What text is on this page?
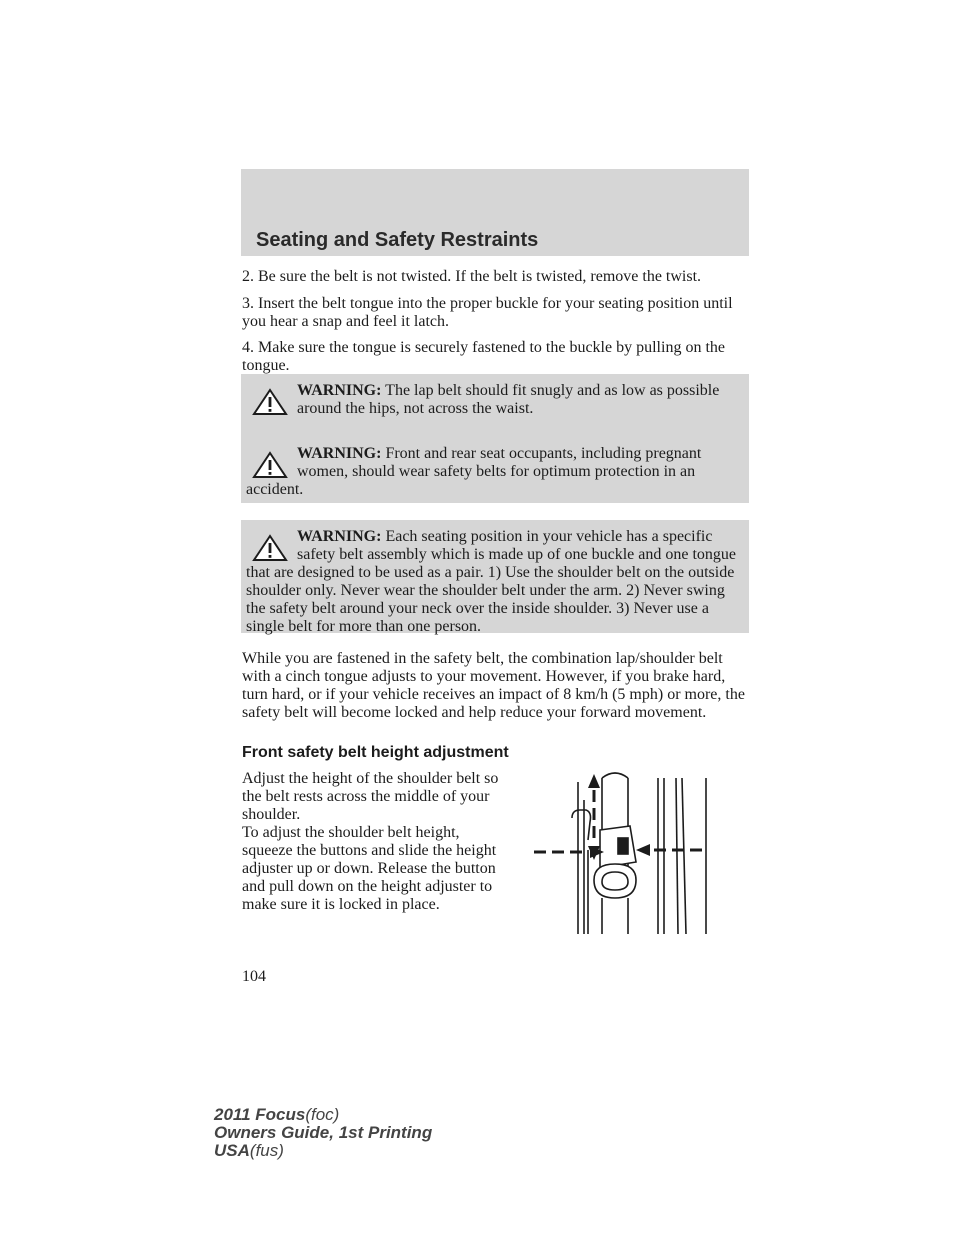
Seating and Safety Restraints

2. Be sure the belt is not twisted. If the belt is twisted, remove the twist.

3. Insert the belt tongue into the proper buckle for your seating position until you hear a snap and feel it latch.

4. Make sure the tongue is securely fastened to the buckle by pulling on the tongue.

WARNING: The lap belt should fit snugly and as low as possible around the hips, not across the waist.
WARNING: Front and rear seat occupants, including pregnant women, should wear safety belts for optimum protection in an accident.
WARNING: Each seating position in your vehicle has a specific safety belt assembly which is made up of one buckle and one tongue that are designed to be used as a pair. 1) Use the shoulder belt on the outside shoulder only. Never wear the shoulder belt under the arm. 2) Never swing the safety belt around your neck over the inside shoulder. 3) Never use a single belt for more than one person.

While you are fastened in the safety belt, the combination lap/shoulder belt with a cinch tongue adjusts to your movement. However, if you brake hard, turn hard, or if your vehicle receives an impact of 8 km/h (5 mph) or more, the safety belt will become locked and help reduce your forward movement.

Front safety belt height adjustment

Adjust the height of the shoulder belt so the belt rests across the middle of your shoulder.

To adjust the shoulder belt height, squeeze the buttons and slide the height adjuster up or down. Release the button and pull down on the height adjuster to make sure it is locked in place.

104
2011 Focus(foc)
Owners Guide, 1st Printing
USA(fus)
